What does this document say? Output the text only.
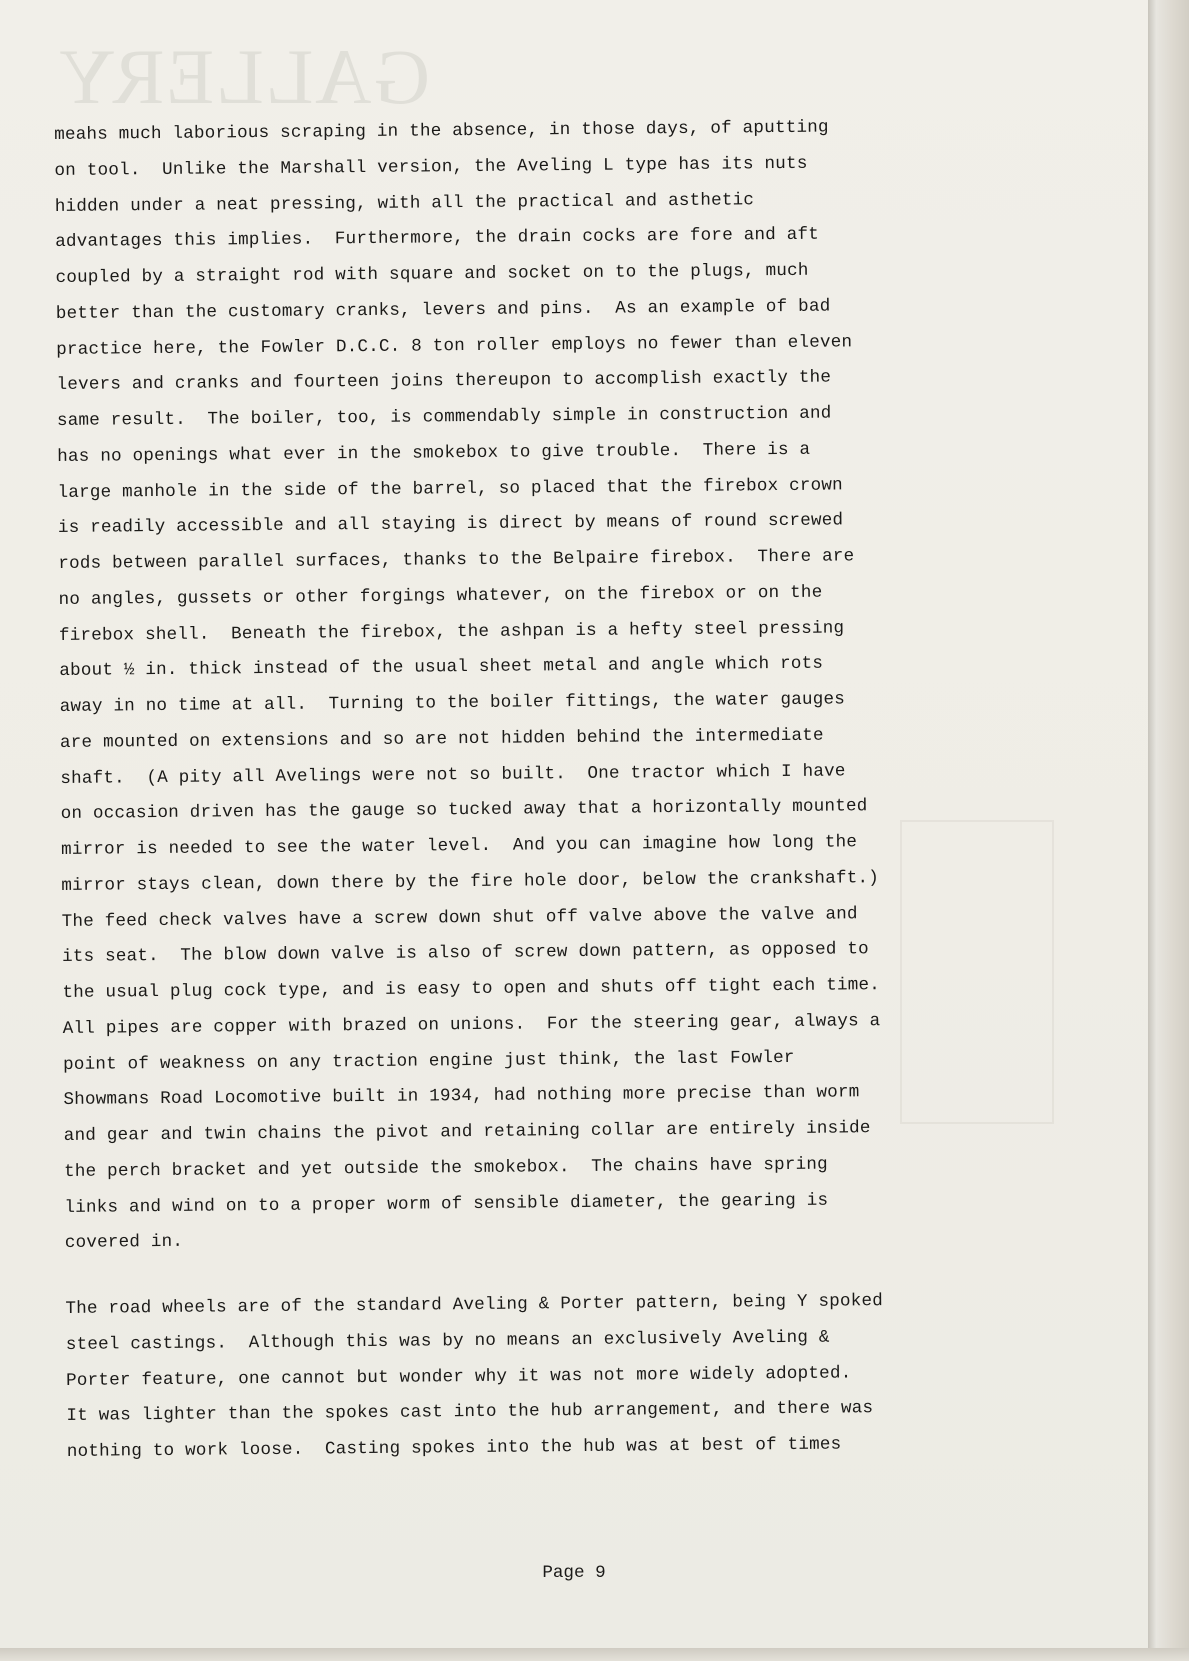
GALLERY
meahs much laborious scraping in the absence, in those days, of aputting
on tool.  Unlike the Marshall version, the Aveling L type has its nuts
hidden under a neat pressing, with all the practical and asthetic
advantages this implies.  Furthermore, the drain cocks are fore and aft
coupled by a straight rod with square and socket on to the plugs, much
better than the customary cranks, levers and pins.  As an example of bad
practice here, the Fowler D.C.C. 8 ton roller employs no fewer than eleven
levers and cranks and fourteen joins thereupon to accomplish exactly the
same result.  The boiler, too, is commendably simple in construction and
has no openings what ever in the smokebox to give trouble.  There is a
large manhole in the side of the barrel, so placed that the firebox crown
is readily accessible and all staying is direct by means of round screwed
rods between parallel surfaces, thanks to the Belpaire firebox.  There are
no angles, gussets or other forgings whatever, on the firebox or on the
firebox shell.  Beneath the firebox, the ashpan is a hefty steel pressing
about ½ in. thick instead of the usual sheet metal and angle which rots
away in no time at all.  Turning to the boiler fittings, the water gauges
are mounted on extensions and so are not hidden behind the intermediate
shaft.  (A pity all Avelings were not so built.  One tractor which I have
on occasion driven has the gauge so tucked away that a horizontally mounted
mirror is needed to see the water level.  And you can imagine how long the
mirror stays clean, down there by the fire hole door, below the crankshaft.)
The feed check valves have a screw down shut off valve above the valve and
its seat.  The blow down valve is also of screw down pattern, as opposed to
the usual plug cock type, and is easy to open and shuts off tight each time.
All pipes are copper with brazed on unions.  For the steering gear, always a
point of weakness on any traction engine just think, the last Fowler
Showmans Road Locomotive built in 1934, had nothing more precise than worm
and gear and twin chains the pivot and retaining collar are entirely inside
the perch bracket and yet outside the smokebox.  The chains have spring
links and wind on to a proper worm of sensible diameter, the gearing is
covered in.
The road wheels are of the standard Aveling & Porter pattern, being Y spoked
steel castings.  Although this was by no means an exclusively Aveling &
Porter feature, one cannot but wonder why it was not more widely adopted.
It was lighter than the spokes cast into the hub arrangement, and there was
nothing to work loose.  Casting spokes into the hub was at best of times
Page 9
